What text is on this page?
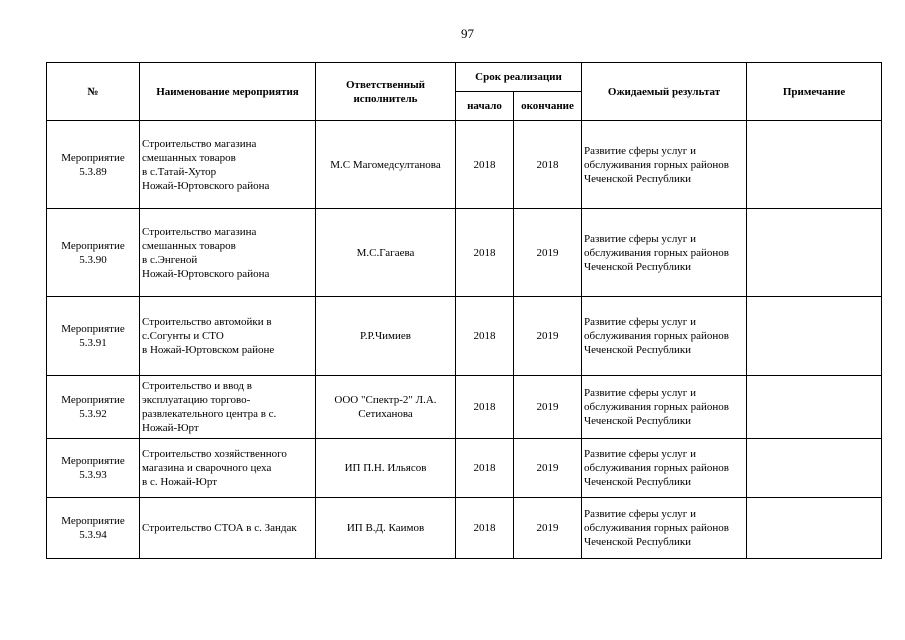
97
№	Наименование мероприятия	Ответственный исполнитель	Срок реализации		Ожидаемый результат	Примечание
			начало	окончание		

Мероприятие
5.3.89	Строительство магазина
смешанных товаров
в с.Татай-Хутор
Ножай-Юртовского района	М.С Магомедсултанова	2018	2018	Развитие сферы услуг и
обслуживания горных районов
Чеченской Республики	

Мероприятие
5.3.90	Строительство магазина
смешанных товаров
в с.Энгеной
Ножай-Юртовского района	М.С.Гагаева	2018	2019	Развитие сферы услуг и
обслуживания горных районов
Чеченской Республики	

Мероприятие
5.3.91	Строительство автомойки в
с.Согунты и СТО
в Ножай-Юртовском районе	Р.Р.Чимиев	2018	2019	Развитие сферы услуг и
обслуживания горных районов
Чеченской Республики	

Мероприятие
5.3.92	Строительство и ввод в
эксплуатацию торгово-
развлекательного центра в с.
Ножай-Юрт	ООО "Спектр-2" Л.А. Сетиханова	2018	2019	Развитие сферы услуг и
обслуживания горных районов
Чеченской Республики	

Мероприятие
5.3.93	Строительство хозяйственного
магазина и сварочного цеха
в с. Ножай-Юрт	ИП П.Н. Ильясов	2018	2019	Развитие сферы услуг и
обслуживания горных районов
Чеченской Республики	

Мероприятие
5.3.94	Строительство СТОА в с. Зандак	ИП В.Д. Каимов	2018	2019	Развитие сферы услуг и
обслуживания горных районов
Чеченской Республики	
